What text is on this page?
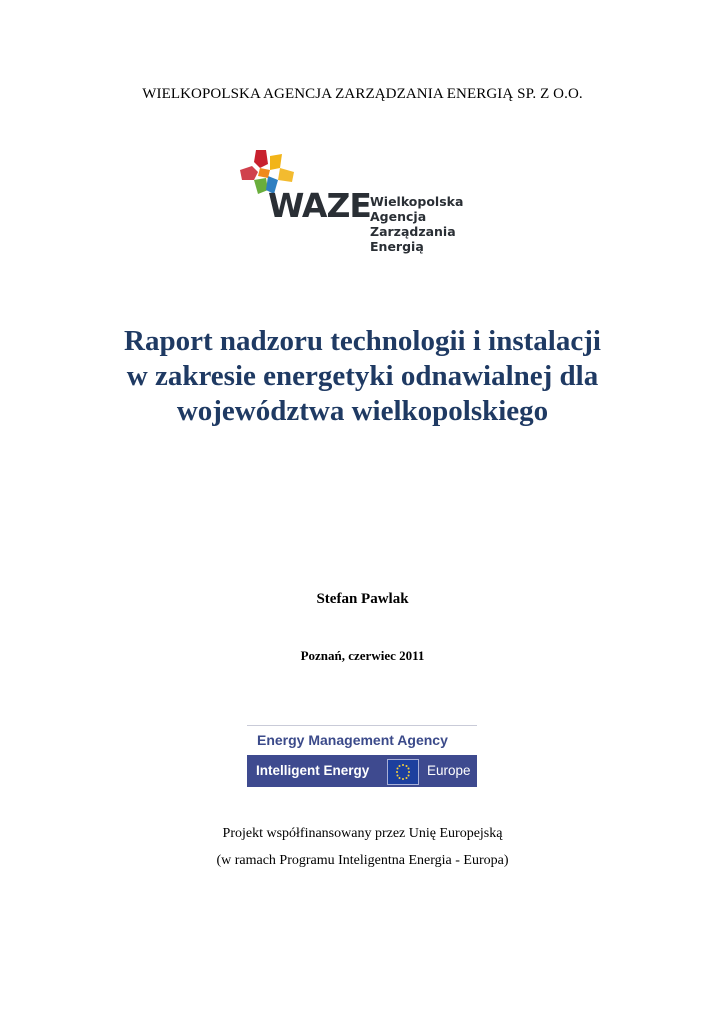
WIELKOPOLSKA AGENCJA ZARZĄDZANIA ENERGIĄ SP. Z O.O.
WAZE Wielkopolska Agencja
Zarządzania Energią
Raport nadzoru technologii i instalacji
w zakresie energetyki odnawialnej dla
województwa wielkopolskiego
Stefan Pawlak
Poznań, czerwiec 2011
Energy Management Agency
Intelligent Energy	Europe
Projekt współfinansowany przez Unię Europejską
(w ramach Programu Inteligentna Energia - Europa)
